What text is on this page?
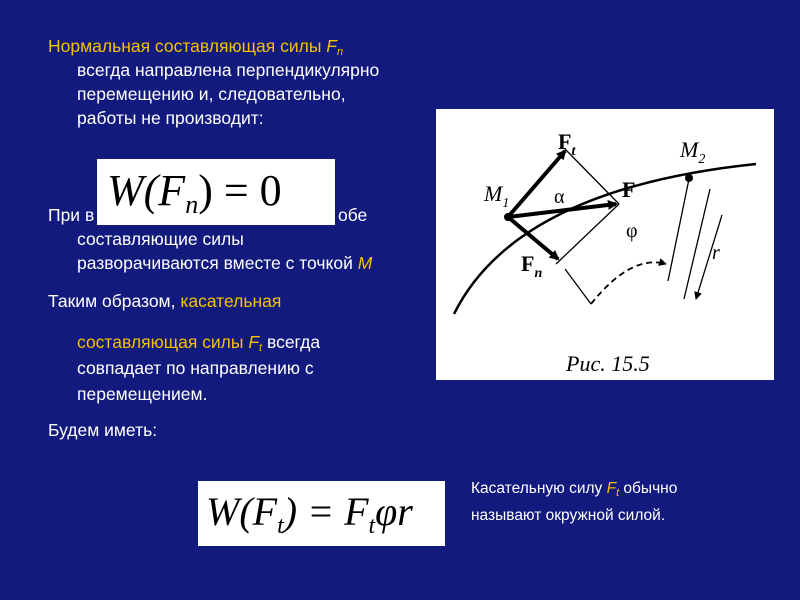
Нормальная составляющая силы $F_n$
всегда направлена перпендикулярно
перемещению и, следовательно,
работы не производит:
При в	обе
составляющие силы
разворачиваются вместе с точкой M
$W(F_n) = 0$
Таким образом, касательная
составляющая силы $F_t$ всегда
совпадает по направлению с
перемещением.
Будем иметь:
$W(F_t) = F_t\varphi r$
Касательную силу $F_t$ обычно
называют окружной силой.
$F_t$
F
$F_n$
$M_1$
$M_2$
α
φ
r
Рис. 15.5
